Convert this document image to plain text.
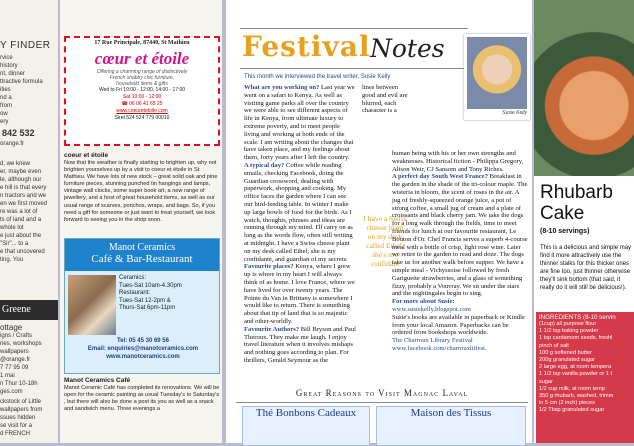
Y FINDER
rvice
history
nt, dinner
ttractive formula
ities
nd a
from
ow
ery
842 532
orange.fr
d, we knew
er, maybe even
le, although our
e hill is that every
n tractors and we
en we first moved
re was a lot of
ts of land and a
whole lot
e just about the
"Sir"... to a
e that uncovered
ting. You
Greene
ottage
igns / Crafts
ries, workshops
wallpapers
@orange.fr
7 77 95 09
1 mai
n Thur 10-18h
ges.com
ckstock of Little
wallpapers from
ssues hidden
se visit for a
d FRENCH
17 Rue Principale, 87440, St Mathieu
cœur et étoile
Offering a charming range of distinctively
French shabby chic furniture,
household items & gifts
Wed to Fri 10:00 - 12:00, 14:00 - 17:00
Sat 10:00 - 12:00
☎ 06 06 41 65 25
www.coeuretetoile.com
Siret 524 524 779 00010
coeur et étoile
Now that the weather is finally starting to brighten up, why not brighten yourselves up by a visit to coeur et étoile in St Mathieu. We have lots of new stock – great solid oak and pine furniture pieces, stunning punched tin hangings and lamps, vintage wall clocks, some super book art, a new range of jewellery, and a host of great household items, as well as our usual range of scarves, ponchos, wraps, and bags. So, if you need a gift for someone or just want to treat yourself, we look forward to seeing you in the shop soon.
Manot Ceramics
Café & Bar-Restaurant
Ceramics:
Tues-Sat 10am-4.30pm
Restaurant:
Tues-Sat 12-2pm &
Thurs-Sat 6pm-11pm
Tel: 05 45 30 69 56
Email: enquiries@manotceramics.com
www.manotceramics.com
Manot Ceramics Café
Manot Ceramic Café has completed its renovations. We will be open for the ceramic painting as usual Tuesday's to Saturday's , but there will also be done a post its you as well as a snack and sandwich menu. Three evenings a
Festival Notes
This month we interviewed the travel writer, Susie Kelly
Susie Kelly
What are you working on? Last year we went on a safari to Kenya. As well as visiting game parks all over the country we were able to see different aspects of life in Kenya, from ultimate luxury to extreme poverty, and to meet people living and working at both ends of the scale. I am writing about the changes that have taken place, and my feelings about them, forty years after I left the country.
A typical day? Coffee while reading emails, checking Facebook, doing the Guardian crossword, dealing with paperwork, shopping and cooking. My office faces the garden where I can see our bird-feeding table. In winter I make up large bowls of food for the birds. As I watch, thoughts, phrases and ideas are running through my mind. I'll carry on as long as the words flow, often still writing at midnight. I have a Swiss cheese plant on my desk called Ethel; she is my confidante, and guardian of my secrets.
Favourite places? Kenya, where I grew up is where in my heart I will always think of as home. I love France, where we have lived for over twenty years. The Pointe du Van in Brittany is somewhere I would like to return. There is something about that tip of land that is so majestic and other-worldly.
Favourite Authors? Bill Bryson and Paul Theroux. They make me laugh. I enjoy travel literature when it involves mishaps and nothing goes according to plan. For thrillers, Gerald Seymour as the
lines between good and evil are blurred, each character is a
I have a Swiss cheese plant on my desk called Ethel, she's my confidant
human being with his or her own strengths and weaknesses. Historical fiction - Philippa Gregory, Alison Weir, CJ Sansom and Tony Riches.
A perfect day South West France? Breakfast in the garden in the shade of the tri-colour maple. The wisteria in bloom, the scent of roses in the air. A jug of freshly-squeezed orange juice, a pot of strong coffee, a small jug of cream and a plate of croissants and black cherry jam. We take the dogs for a long walk through the fields, time to meet friends for lunch at our favourite restaurant, Le Bouton d'Or. Chef Francis serves a superb 4-course meal with a bottle of crisp, light rosé wine. Later we retire to the garden to read and doze. The dogs take us for another walk before supper. We have a simple meal - Vichyssoise followed by fresh Gariguette strawberries, and a glass of something fizzy, probably a Vouvray. We sit under the stars and the nightingales begin to sing.
For more about Susie:
www.susiekelly.blogspot.com
Susie's books are available in paperback or Kindle from your local Amazon. Paperbacks can be ordered from bookshops worldwide.
The Charroux Library Festival
www.facebook.com/charrouxlitfest.
Great Reasons to Visit Magnac Laval
Thé Bonbons Cadeaux	Maison des Tissus
Rhubarb
Cake
(8-10 servings)
This is a delicious and simple may find it more attractively use the thinner stalks for this thicker ones are fine too, just thinner otherwise they'll sink bottom (that said, it really do it will still be delicious!).
INGREDIENTS (8-10 servin
(1cup) all purpose flour
1 1/2 tsp baking powder
1 tsp cardamom seeds, freshl
pinch of salt
100 g softened butter
200g granulated sugar
2 large egg, at room tempera
1 1/2 tsp vanilla powder or 1 t
sugar
1/2 cup milk, at room temp
350 g rhubarb, washed, trimm
in 5 cm (2 inch) pieces
1/2 Tbsp granulated sugar
